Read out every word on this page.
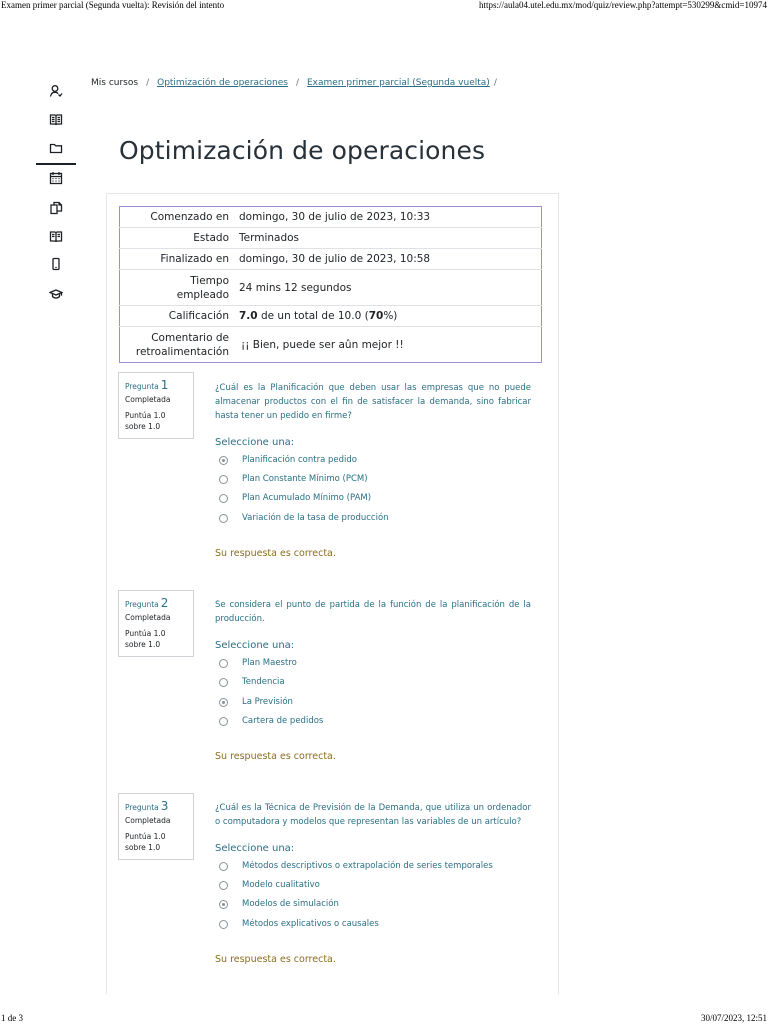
Examen primer parcial (Segunda vuelta): Revisión del intento	https://aula04.utel.edu.mx/mod/quiz/review.php?attempt=530299&cmid=10974
Mis cursos / Optimización de operaciones / Examen primer parcial (Segunda vuelta) /
Optimización de operaciones
Comenzado en	domingo, 30 de julio de 2023, 10:33
Estado	Terminados
Finalizado en	domingo, 30 de julio de 2023, 10:58
Tiempo
empleado	24 mins 12 segundos
Calificación	7.0 de un total de 10.0 (70%)
Comentario de
retroalimentación	¡¡ Bien, puede ser aûn mejor !!
Pregunta 1
Completada
Puntúa 1.0
sobre 1.0
¿Cuál es la Planificación que deben usar las empresas que no puede almacenar productos con el fin de satisfacer la demanda, sino fabricar hasta tener un pedido en firme?
Seleccione una:
Planificación contra pedido
Plan Constante Mínimo (PCM)
Plan Acumulado Mínimo (PAM)
Variación de la tasa de producción
Su respuesta es correcta.
Pregunta 2
Completada
Puntúa 1.0
sobre 1.0
Se considera el punto de partida de la función de la planificación de la producción.
Seleccione una:
Plan Maestro
Tendencia
La Previsión
Cartera de pedidos
Su respuesta es correcta.
Pregunta 3
Completada
Puntúa 1.0
sobre 1.0
¿Cuál es la Técnica de Previsión de la Demanda, que utiliza un ordenador o computadora y modelos que representan las variables de un artículo?
Seleccione una:
Métodos descriptivos o extrapolación de series temporales
Modelo cualitativo
Modelos de simulación
Métodos explicativos o causales
Su respuesta es correcta.
1 de 3	30/07/2023, 12:51
